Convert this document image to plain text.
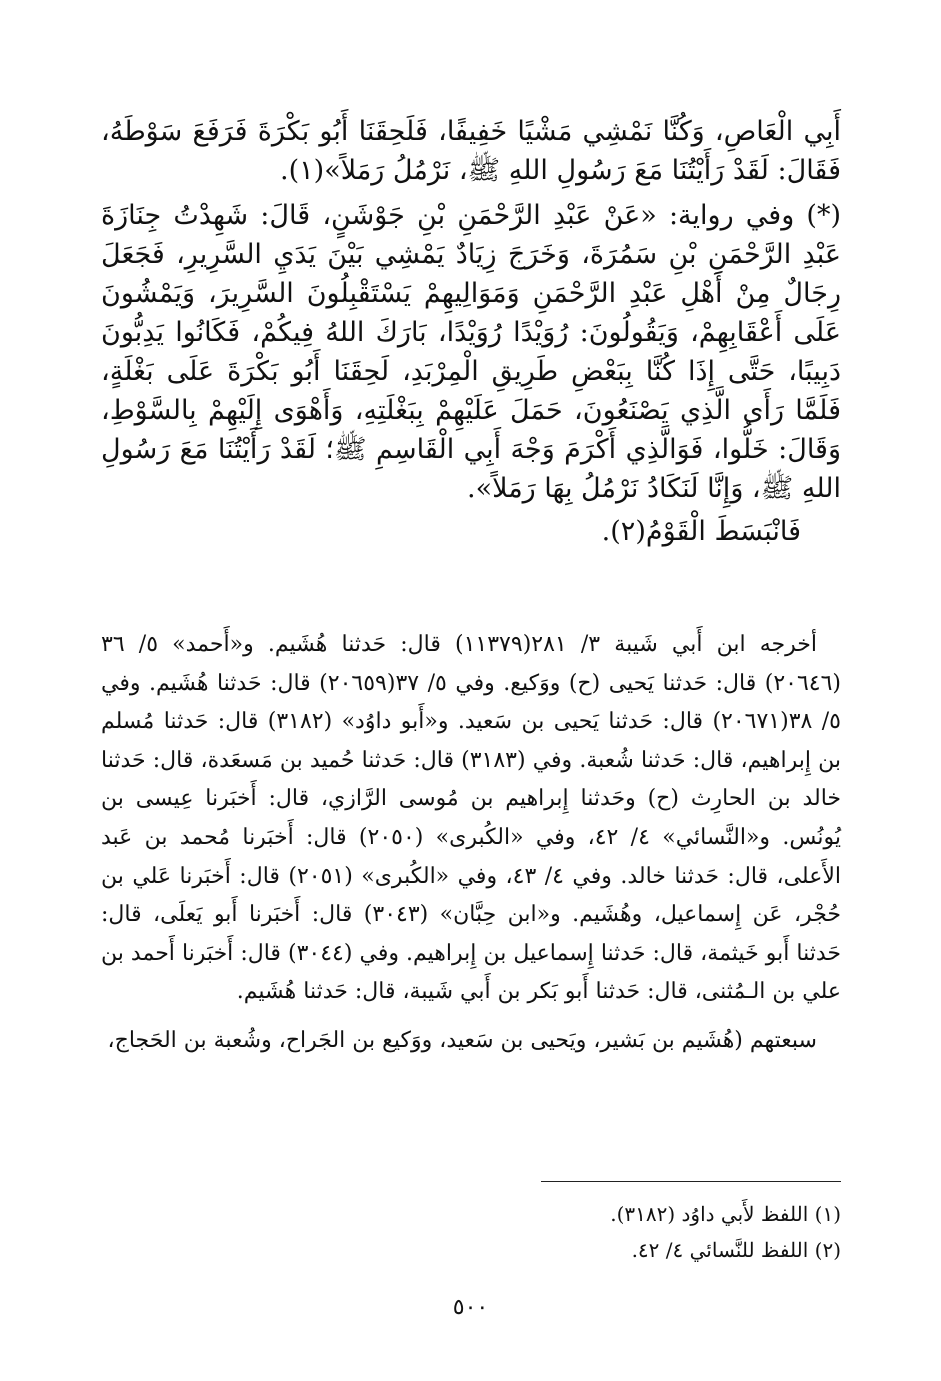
أَبِي الْعَاصِ، وَكُنَّا نَمْشِي مَشْيًا خَفِيفًا، فَلَحِقَنَا أَبُو بَكْرَةَ فَرَفَعَ سَوْطَهُ، فَقَالَ: لَقَدْ رَأَيْتُنَا مَعَ رَسُولِ اللهِ ﷺ، نَرْمُلُ رَمَلاً»(١).

(*) وفي رواية: «عَنْ عَبْدِ الرَّحْمَنِ بْنِ جَوْشَنٍ، قَالَ: شَهِدْتُ جِنَازَةَ عَبْدِ الرَّحْمَنِ بْنِ سَمُرَةَ، وَخَرَجَ زِيَادٌ يَمْشِي بَيْنَ يَدَيِ السَّرِيرِ، فَجَعَلَ رِجَالٌ مِنْ أَهْلِ عَبْدِ الرَّحْمَنِ وَمَوَالِيهِمْ يَسْتَقْبِلُونَ السَّرِيرَ، وَيَمْشُونَ عَلَى أَعْقَابِهِمْ، وَيَقُولُونَ: رُوَيْدًا رُوَيْدًا، بَارَكَ اللهُ فِيكُمْ، فَكَانُوا يَدِبُّونَ دَبِيبًا، حَتَّى إِذَا كُنَّا بِبَعْضِ طَرِيقِ الْمِرْبَدِ، لَحِقَنَا أَبُو بَكْرَةَ عَلَى بَغْلَةٍ، فَلَمَّا رَأَى الَّذِي يَصْنَعُونَ، حَمَلَ عَلَيْهِمْ بِبَغْلَتِهِ، وَأَهْوَى إِلَيْهِمْ بِالسَّوْطِ، وَقَالَ: خَلُّوا، فَوَالَّذِي أَكْرَمَ وَجْهَ أَبِي الْقَاسِمِ ﷺ؛ لَقَدْ رَأَيْتُنَا مَعَ رَسُولِ اللهِ ﷺ، وَإِنَّا لَنَكَادُ نَرْمُلُ بِهَا رَمَلاً».

فَانْبَسَطَ الْقَوْمُ(٢).

أخرجه ابن أَبي شَيبة ٣/ ٢٨١(١١٣٧٩) قال: حَدثنا هُشَيم. و«أَحمد» ٥/ ٣٦ (٢٠٦٤٦) قال: حَدثنا يَحيى (ح) ووَكيع. وفي ٥/ ٣٧(٢٠٦٥٩) قال: حَدثنا هُشَيم. وفي ٥/ ٣٨(٢٠٦٧١) قال: حَدثنا يَحيى بن سَعيد. و«أَبو داوُد» (٣١٨٢) قال: حَدثنا مُسلم بن إِبراهيم، قال: حَدثنا شُعبة. وفي (٣١٨٣) قال: حَدثنا حُميد بن مَسعَدة، قال: حَدثنا خالد بن الحارِث (ح) وحَدثنا إِبراهيم بن مُوسى الرَّازي، قال: أَخبَرنا عِيسى بن يُونُس. و«النَّسائي» ٤/ ٤٢، وفي «الكُبرى» (٢٠٥٠) قال: أَخبَرنا مُحمد بن عَبد الأَعلى، قال: حَدثنا خالد. وفي ٤/ ٤٣، وفي «الكُبرى» (٢٠٥١) قال: أَخبَرنا عَلي بن حُجْر، عَن إِسماعيل، وهُشَيم. و«ابن حِبَّان» (٣٠٤٣) قال: أَخبَرنا أَبو يَعلَى، قال: حَدثنا أَبو خَيثمة، قال: حَدثنا إِسماعيل بن إِبراهيم. وفي (٣٠٤٤) قال: أَخبَرنا أَحمد بن علي بن الـمُثنى، قال: حَدثنا أَبو بَكر بن أَبي شَيبة، قال: حَدثنا هُشَيم.

سبعتهم (هُشَيم بن بَشير، ويَحيى بن سَعيد، ووَكيع بن الجَراح، وشُعبة بن الحَجاج،

(١) اللفظ لأَبي داوُد (٣١٨٢).

(٢) اللفظ للنَّسائي ٤/ ٤٢.

٥٠٠
